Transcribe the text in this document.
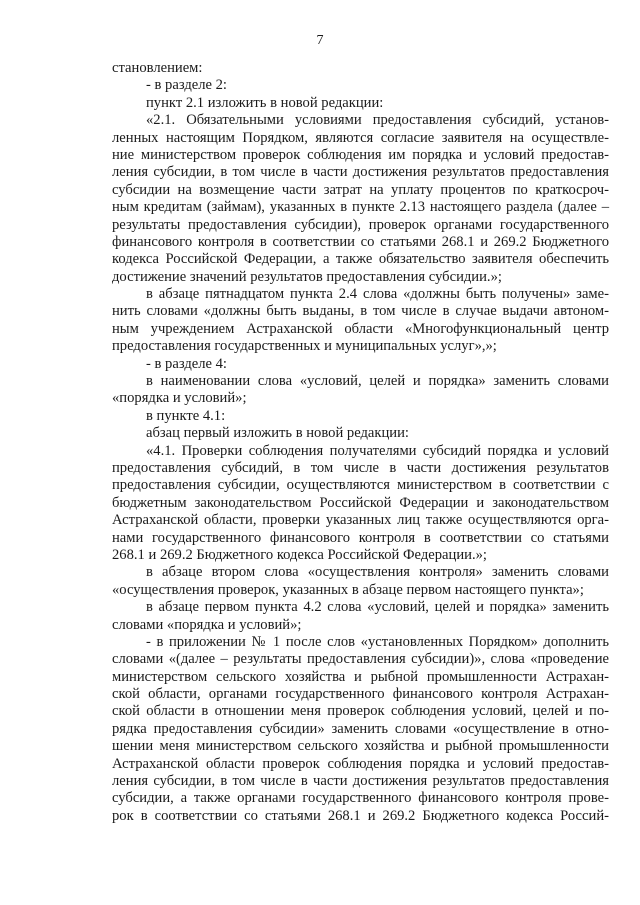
7
становлением:
- в разделе 2:
пункт 2.1 изложить в новой редакции:
«2.1. Обязательными условиями предоставления субсидий, установ-
ленных настоящим Порядком, являются согласие заявителя на осуществле-
ние министерством проверок соблюдения им порядка и условий предостав-
ления субсидии, в том числе в части достижения результатов предоставления
субсидии на возмещение части затрат на уплату процентов по краткосроч-
ным кредитам (займам), указанных в пункте 2.13 настоящего раздела (далее –
результаты предоставления субсидии), проверок органами государственного
финансового контроля в соответствии со статьями 268.1 и 269.2 Бюджетного
кодекса Российской Федерации, а также обязательство заявителя обеспечить
достижение значений результатов предоставления субсидии.»;
в абзаце пятнадцатом пункта 2.4 слова «должны быть получены» заме-
нить словами «должны быть выданы, в том числе в случае выдачи автоном-
ным учреждением Астраханской области «Многофункциональный центр
предоставления государственных и муниципальных услуг»,»;
- в разделе 4:
в наименовании слова «условий, целей и порядка» заменить словами
«порядка и условий»;
в пункте 4.1:
абзац первый изложить в новой редакции:
«4.1. Проверки соблюдения получателями субсидий порядка и условий
предоставления субсидий, в том числе в части достижения результатов
предоставления субсидии, осуществляются министерством в соответствии с
бюджетным законодательством Российской Федерации и законодательством
Астраханской области, проверки указанных лиц также осуществляются орга-
нами государственного финансового контроля в соответствии со статьями
268.1 и 269.2 Бюджетного кодекса Российской Федерации.»;
в абзаце втором слова «осуществления контроля» заменить словами
«осуществления проверок, указанных в абзаце первом настоящего пункта»;
в абзаце первом пункта 4.2 слова «условий, целей и порядка» заменить
словами «порядка и условий»;
- в приложении № 1 после слов «установленных Порядком» дополнить
словами «(далее – результаты предоставления субсидии)», слова «проведение
министерством сельского хозяйства и рыбной промышленности Астрахан-
ской области, органами государственного финансового контроля Астрахан-
ской области в отношении меня проверок соблюдения условий, целей и по-
рядка предоставления субсидии» заменить словами «осуществление в отно-
шении меня министерством сельского хозяйства и рыбной промышленности
Астраханской области проверок соблюдения порядка и условий предостав-
ления субсидии, в том числе в части достижения результатов предоставления
субсидии, а также органами государственного финансового контроля прове-
рок в соответствии со статьями 268.1 и 269.2 Бюджетного кодекса Россий-
